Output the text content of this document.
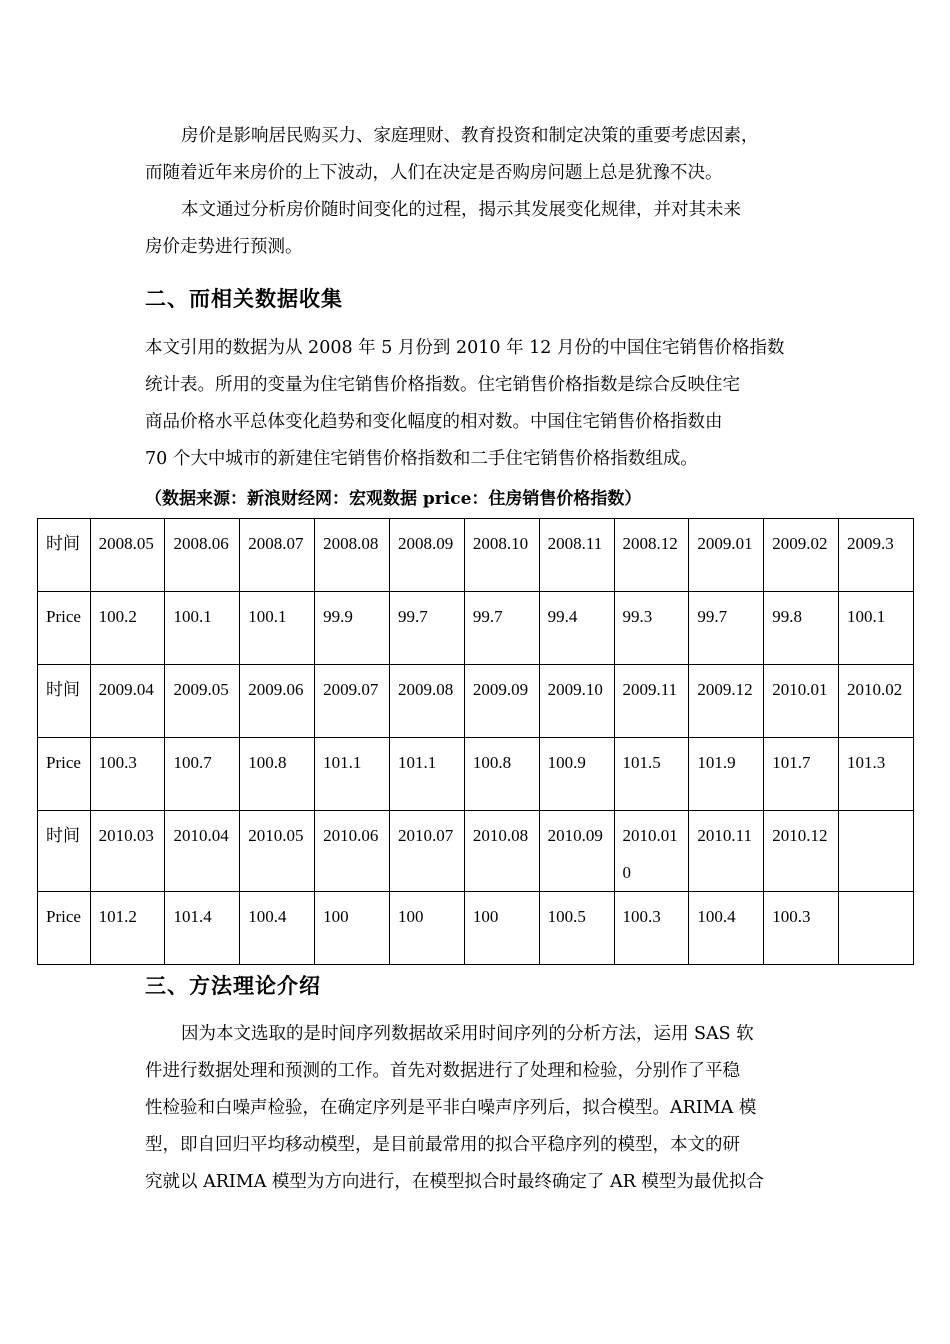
房价是影响居民购买力、家庭理财、教育投资和制定决策的重要考虑因素，
而随着近年来房价的上下波动，人们在决定是否购房问题上总是犹豫不决。
本文通过分析房价随时间变化的过程，揭示其发展变化规律，并对其未来
房价走势进行预测。
二、而相关数据收集
本文引用的数据为从 2008 年 5 月份到 2010 年 12 月份的中国住宅销售价格指数
统计表。所用的变量为住宅销售价格指数。住宅销售价格指数是综合反映住宅
商品价格水平总体变化趋势和变化幅度的相对数。中国住宅销售价格指数由
70 个大中城市的新建住宅销售价格指数和二手住宅销售价格指数组成。

（数据来源：新浪财经网：宏观数据 price：住房销售价格指数）

时间	2008.05	2008.06	2008.07	2008.08	2008.09	2008.10	2008.11	2008.12	2009.01	2009.02	2009.3
Price	100.2	100.1	100.1	99.9	99.7	99.7	99.4	99.3	99.7	99.8	100.1
时间	2009.04	2009.05	2009.06	2009.07	2009.08	2009.09	2009.10	2009.11	2009.12	2010.01	2010.02
Price	100.3	100.7	100.8	101.1	101.1	100.8	100.9	101.5	101.9	101.7	101.3
时间	2010.03	2010.04	2010.05	2010.06	2010.07	2010.08	2010.09	2010.010	2010.11	2010.12	
Price	101.2	101.4	100.4	100	100	100	100.5	100.3	100.4	100.3	
三、方法理论介绍
因为本文选取的是时间序列数据故采用时间序列的分析方法，运用 SAS 软
件进行数据处理和预测的工作。首先对数据进行了处理和检验，分别作了平稳
性检验和白噪声检验，在确定序列是平非白噪声序列后，拟合模型。ARIMA 模
型，即自回归平均移动模型，是目前最常用的拟合平稳序列的模型，本文的研
究就以 ARIMA 模型为方向进行，在模型拟合时最终确定了 AR 模型为最优拟合
